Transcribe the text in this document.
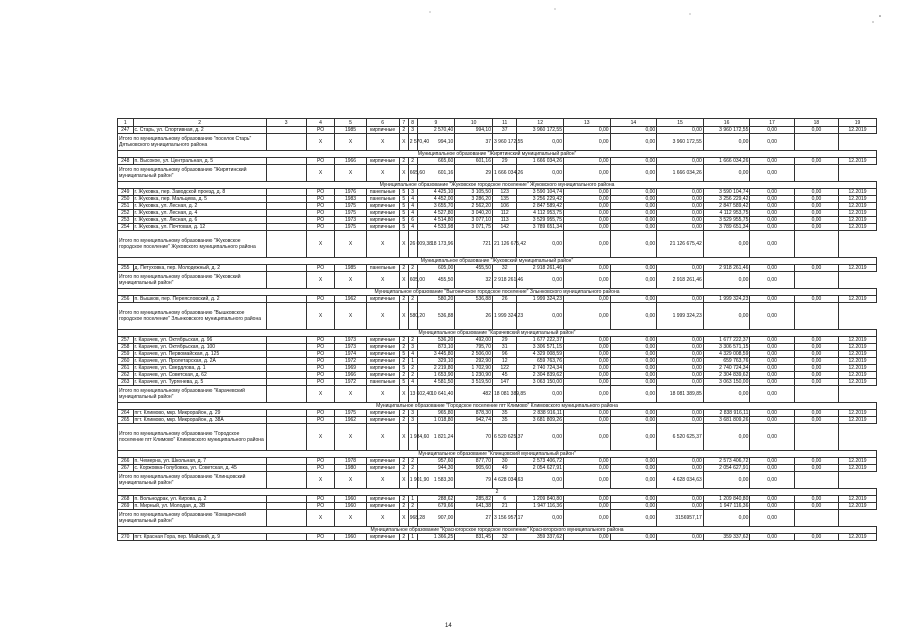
1	2	3	4	5	6	7	8	9	10	11	12	13	14	15	16	17	18	19
247	с. Старь, ул. Спортивная, д. 2		РО	1985	кирпичные	2	3	2 570,40	994,10	37	3 960 172,55	0,00	0,00	0,00	3 960 172,55	0,00	0,00	12.2019
Итого по муниципальному образованию "поселок Старь" Дятьковского муниципального района			X	X	X	X	2 570,40	994,10	37	3 960 172,55	0,00	0,00	0,00	3 960 172,55	0,00	0,00		
Муниципальное образование "Жирятинский муниципальный район"																		
248	п. Высокое, ул. Центральная, д. 5		РО	1966	кирпичные	2	2	665,60	601,16	29	1 666 034,26	0,00	0,00	0,00	1 666 034,26	0,00	0,00	12.2019
Итого по муниципальному образованию "Жирятинский муниципальный район"			X	X	X	X	665,60	601,16	29	1 666 034,26	0,00	0,00	0,00	1 666 034,26	0,00	0,00		
Муниципальное образование "Жуковское городское поселение" Жуковского муниципального района																		
249	г. Жуковка, пер. Заводской проезд, д. 8		РО	1976	панельные	5	3	4 425,10	3 105,50	123	3 590 104,74	0,00	0,00	0,00	3 590 104,74	0,00	0,00	12.2019
250	г. Жуковка, пер. Мальцева, д. 5		РО	1983	панельные	5	4	4 452,00	3 286,20	135	3 256 229,42	0,00	0,00	0,00	3 256 229,42	0,00	0,00	12.2019
251	г. Жуковка, ул. Лесная, д. 2		РО	1975	кирпичные	5	4	3 655,70	2 562,20	106	2 847 589,42	0,00	0,00	0,00	2 847 589,42	0,00	0,00	12.2019
252	г. Жуковка, ул. Лесная, д. 4		РО	1975	кирпичные	5	4	4 527,80	3 040,20	112	4 112 953,75	0,00	0,00	0,00	4 112 953,75	0,00	0,00	12.2019
253	г. Жуковка, ул. Лесная, д. 6		РО	1973	кирпичные	5	6	4 514,80	3 077,10	113	3 529 955,75	0,00	0,00	0,00	3 529 955,75	0,00	0,00	12.2019
254	г. Жуковка, ул. Почтовая, д. 12		РО	1975	кирпичные	5	4	4 533,98	3 071,75	142	3 789 651,34	0,00	0,00	0,00	3 789 651,34	0,00	0,00	12.2019
Итого по муниципальному образованию "Жуковское городское поселение" Жуковского муниципального района			X	X	X	X	26 009,38	18 173,96	721	21 126 675,42	0,00	0,00	0,00	21 126 675,42	0,00	0,00		
Муниципальное образование "Жуковский муниципальный район"																		
255	д. Петуховка, пер. Молодежный, д. 2		РО	1985	панельные	2	2	605,00	455,50	32	2 918 261,46	0,00	0,00	0,00	2 918 261,46	0,00	0,00	12.2019
Итого по муниципальному образованию "Жуковский муниципальный район"			X	X	X	X	605,00	455,50	32	2 918 261,46	0,00	0,00	0,00	2 918 261,46	0,00	0,00		
Муниципальное образование "Выгоничское городское поселение" Злынковского муниципального района																		
256	п. Вышков, пер. Переясловский, д. 2		РО	1962	кирпичные	2	2	580,20	536,88	26	1 999 324,23	0,00	0,00	0,00	1 999 324,23	0,00	0,00	12.2019
Итого по муниципальному образованию "Вышковское городское поселение" Злынковского муниципального района			X	X	X	X	580,20	536,88	26	1 999 324,23	0,00	0,00	0,00	1 999 324,23	0,00	0,00		
Муниципальное образование "Карачевский муниципальный район"																		
257	г. Карачев, ул. Октябрьская, д. 96		РО	1973	кирпичные	2	2	536,20	492,00	29	1 677 222,37	0,00	0,00	0,00	1 677 222,37	0,00	0,00	12.2019
258	г. Карачев, ул. Октябрьская, д. 100		РО	1973	кирпичные	2	3	873,10	795,70	31	3 306 571,15	0,00	0,00	0,00	3 306 571,15	0,00	0,00	12.2019
259	г. Карачев, ул. Первомайская, д. 125		РО	1974	кирпичные	5	4	3 445,80	2 506,00	96	4 329 008,59	0,00	0,00	0,00	4 329 008,59	0,00	0,00	12.2019
260	г. Карачев, ул. Пролетарская, д. 2А		РО	1972	кирпичные	2	1	329,10	292,90	12	659 763,76	0,00	0,00	0,00	659 763,76	0,00	0,00	12.2019
261	г. Карачев, ул. Свердлова, д. 1		РО	1969	кирпичные	5	2	2 219,80	1 702,90	122	2 740 724,34	0,00	0,00	0,00	2 740 724,34	0,00	0,00	12.2019
262	г. Карачев, ул. Советская, д. 62		РО	1966	кирпичные	2	2	1 653,90	1 230,90	45	2 304 839,62	0,00	0,00	0,00	2 304 839,62	0,00	0,00	12.2019
263	г. Карачев, ул. Тургенева, д. 5		РО	1972	панельные	5	4	4 581,50	3 519,50	147	3 063 150,00	0,00	0,00	0,00	3 063 150,00	0,00	0,00	12.2019
Итого по муниципальному образованию "Карачевский муниципальный район"			X	X	X	X	13 602,40	10 641,40	482	18 081 389,85	0,00	0,00	0,00	18 081 389,85	0,00	0,00		
Муниципальное образование "Городское поселение пгт Климово" Климовского муниципального района																		
264	пгт. Климово, мкр. Микрорайон, д. 29		РО	1975	кирпичные	2	3	965,80	878,30	35	2 838 916,11	0,00	0,00	0,00	2 838 916,11	0,00	0,00	12.2019
265	пгт. Климово, мкр. Микрорайон, д. 38А		РО	1962	кирпичные	2	3	1 018,80	942,74	35	3 681 809,26	0,00	0,00	0,00	3 681 809,26	0,00	0,00	12.2019
Итого по муниципальному образованию "Городское поселение пгт Климово" Климовского муниципального района			X	X	X	X	1 984,60	1 821,24	70	6 520 625,37	0,00	0,00	0,00	6 520 625,37	0,00	0,00		
Муниципальное образование "Клинцовский муниципальный район"																		
266	п. Чемерна, ул. Школьная, д. 7		РО	1978	кирпичные	2	2	957,60	877,70	30	2 573 406,72	0,00	0,00	0,00	2 573 406,72	0,00	0,00	12.2019
267	с. Коржовка-Голубовка, ул. Советская, д. 45		РО	1980	кирпичные	2	2	944,30	905,60	49	2 054 627,91	0,00	0,00	0,00	2 054 627,91	0,00	0,00	12.2019
Итого по муниципальному образованию "Клинцовский муниципальный район"			X	X	X	X	1 901,90	1 583,30	79	4 628 034,63	0,00	0,00	0,00	4 628 034,63	0,00	0,00		
2																		
268	п. Вольнодрак, ул. Кирова, д. 2		РО	1960	кирпичные	2	1	288,62	285,82	6	1 209 840,80	0,00	0,00	0,00	1 209 840,80	0,00	0,00	12.2019
269	п. Мирный, ул. Молодая, д. 3В		РО	1960	кирпичные	2	2	679,66	641,38	21	1 947 116,36	0,00	0,00	0,00	1 947 116,36	0,00	0,00	12.2019
Итого по муниципальному образованию "Комаричский муниципальный район"			X	X	X	X	968,28	907,00	27	3 156 957,17	0,00	0,00	0,00	3156957,17	0,00	0,00		
Муниципальное образование "Красногорское городское поселение" Красногорского муниципального района																		
270	пгт. Красная Гора, пер. Майский, д. 9		РО	1960	кирпичные	2	1	1 366,25	831,45	32	359 337,62	0,00	0,00	0,00	359 337,62	0,00	0,00	12.2019
14
